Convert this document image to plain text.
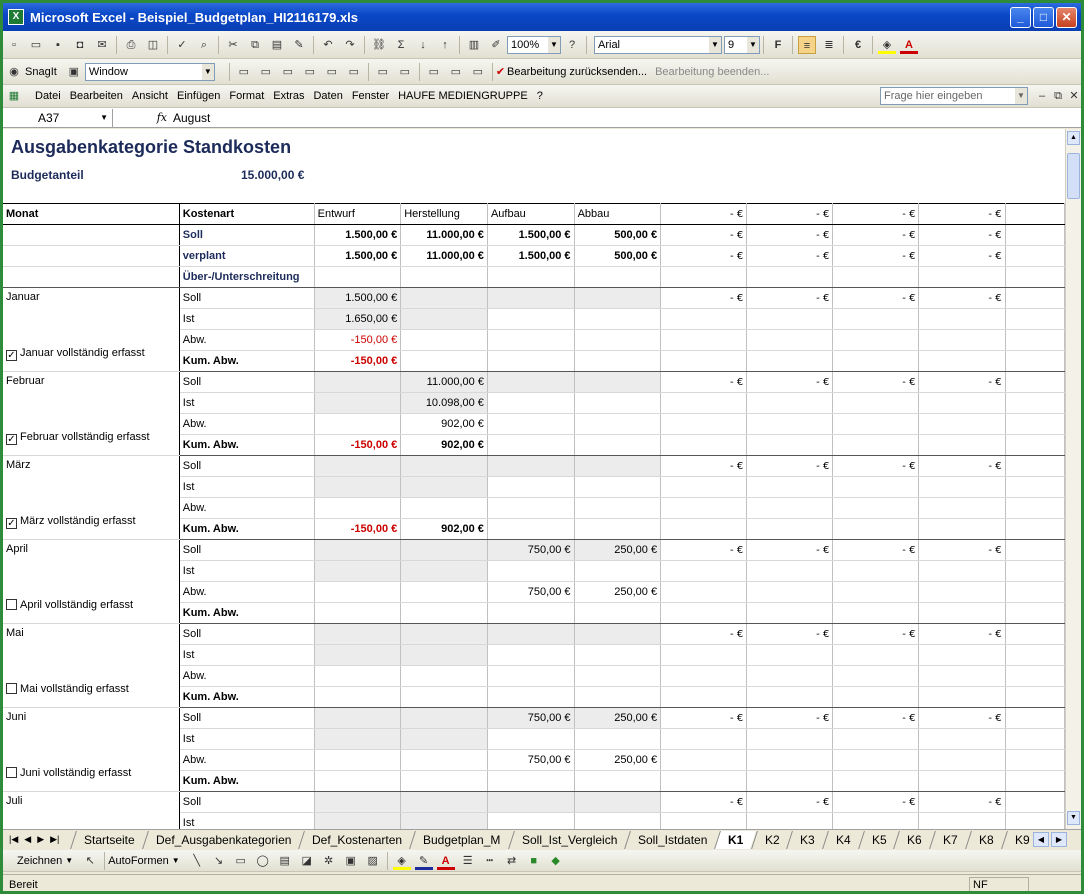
X Microsoft Excel - Beispiel_Budgetplan_HI2116179.xls	_	□	✕
▫	▭	▪	◘	✉	⎙	◫	✓	⌕	✂	⧉	▤	✎	↶	↷	⛓	Σ	↓	↑	▥	✐ 100% ▼ ?	Arial	▼ 9 ▼	F	≡	≣	€	◈	A
◉ SnagIt	▣ Window	▼	▭	▭	▭	▭	▭	▭	▭	▭	▭	▭	▭	✔ Bearbeitung zurücksenden... Bearbeitung beenden...
▦	Datei Bearbeiten Ansicht Einfügen Format Extras Daten Fenster HAUFE MEDIENGRUPPE ?	Frage hier eingeben	▼	– ⧉ ✕
A37	▼	fx August
Ausgabenkategorie Standkosten
Budgetanteil	15.000,00 €
Monat	Kostenart	Entwurf	Herstellung	Aufbau	Abbau	- €	- €	- €	- €	
	Soll	1.500,00 €	11.000,00 €	1.500,00 €	500,00 €	- €	- €	- €	- €	
	verplant	1.500,00 €	11.000,00 €	1.500,00 €	500,00 €	- €	- €	- €	- €	
	Über-/Unterschreitung									

Januar
✓ Januar vollständig erfasst	Soll	1.500,00 €				- €	- €	- €	- €	
	Ist	1.650,00 €								
	Abw.	-150,00 €								
	Kum. Abw.	-150,00 €								

Februar
✓ Februar vollständig erfasst	Soll		11.000,00 €			- €	- €	- €	- €	
	Ist		10.098,00 €							
	Abw.		902,00 €							
	Kum. Abw.	-150,00 €	902,00 €							

März
✓ März vollständig erfasst	Soll					- €	- €	- €	- €	
	Ist									
	Abw.									
	Kum. Abw.	-150,00 €	902,00 €							

April
April vollständig erfasst	Soll			750,00 €	250,00 €	- €	- €	- €	- €	
	Ist									
	Abw.			750,00 €	250,00 €					
	Kum. Abw.									

Mai
Mai vollständig erfasst	Soll					- €	- €	- €	- €	
	Ist									
	Abw.									
	Kum. Abw.									

Juni
Juni vollständig erfasst	Soll			750,00 €	250,00 €	- €	- €	- €	- €	
	Ist									
	Abw.			750,00 €	250,00 €					
	Kum. Abw.									

Juli	Soll					- €	- €	- €	- €	
	Ist									

▲
▼
|◀ ◀ ▶ ▶|	Startseite	Def_Ausgabenkategorien	Def_Kostenarten	Budgetplan_M	Soll_Ist_Vergleich	Soll_Istdaten	K1	K2	K3	K4	K5	K6	K7	K8	K9	◀	▶
Zeichnen ▼	↖	AutoFormen ▼	╲	↘	▭ ◯ ▤	◪	✲	▣	▨	◈	✎	A	☰	┅	⇄	■	◆
Bereit	NF
